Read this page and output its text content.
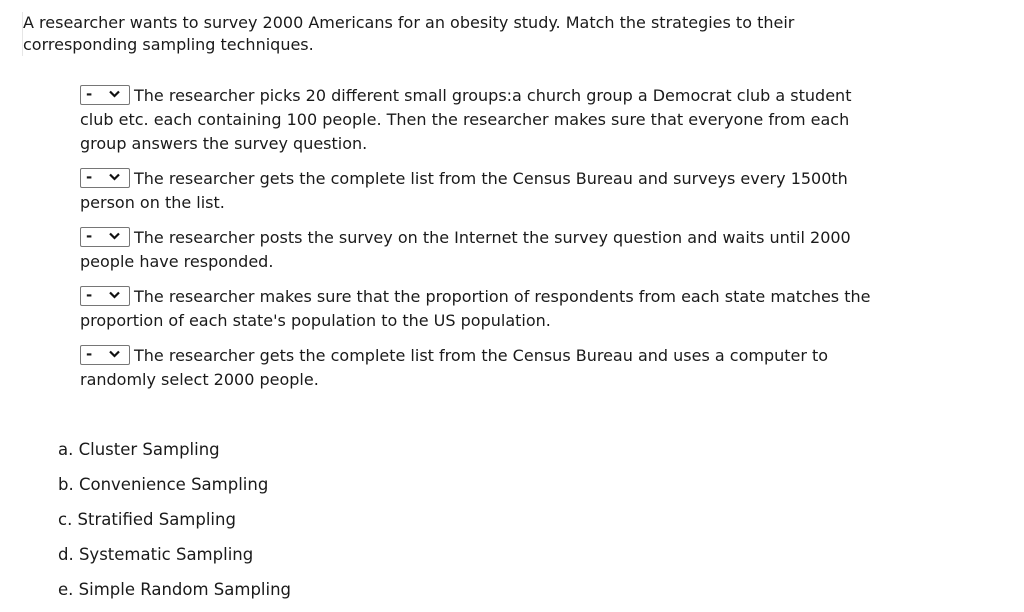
A researcher wants to survey 2000 Americans for an obesity study. Match the strategies to their corresponding sampling techniques.
-	The researcher picks 20 different small groups:a church group a Democrat club a student club etc. each containing 100 people. Then the researcher makes sure that everyone from each group answers the survey question.
-	The researcher gets the complete list from the Census Bureau and surveys every 1500th person on the list.
-	The researcher posts the survey on the Internet the survey question and waits until 2000 people have responded.
-	The researcher makes sure that the proportion of respondents from each state matches the proportion of each state's population to the US population.
-	The researcher gets the complete list from the Census Bureau and uses a computer to randomly select 2000 people.
a. Cluster Sampling
b. Convenience Sampling
c. Stratified Sampling
d. Systematic Sampling
e. Simple Random Sampling
